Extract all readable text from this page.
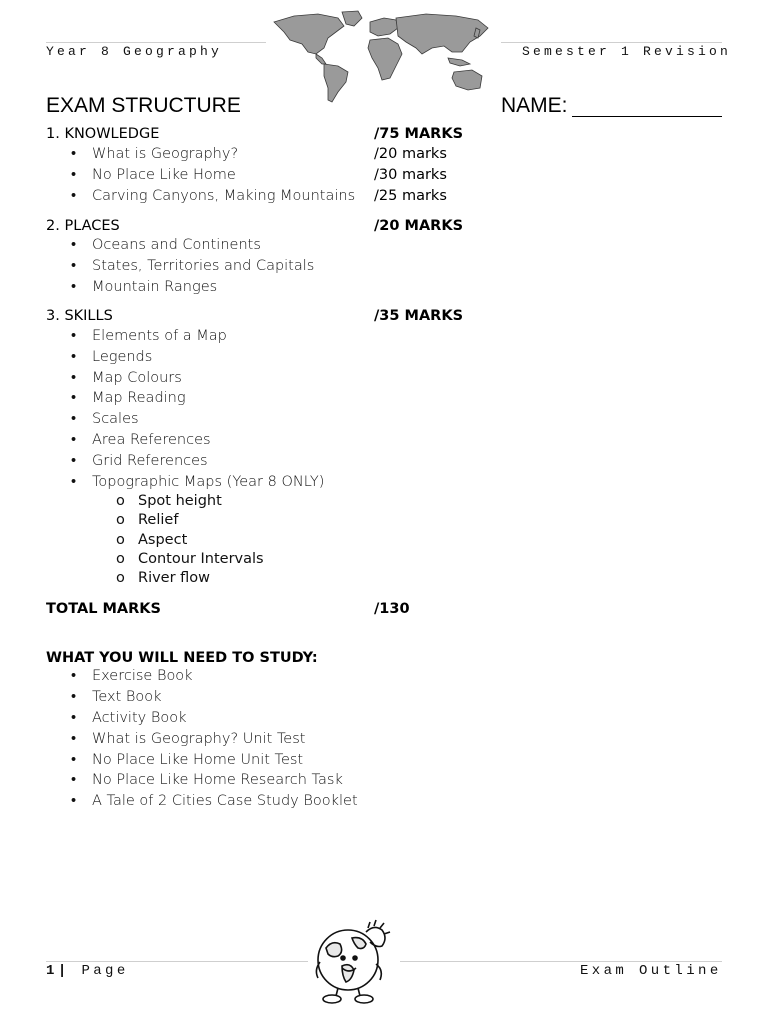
Year 8 Geography	Semester 1 Revision
EXAM STRUCTURE	NAME:
1. KNOWLEDGE	/75 MARKS
• What is Geography?	/20 marks
• No Place Like Home	/30 marks
• Carving Canyons, Making Mountains /25 marks
2. PLACES	/20 MARKS
• Oceans and Continents
• States, Territories and Capitals
• Mountain Ranges
3. SKILLS	/35 MARKS
• Elements of a Map
• Legends
• Map Colours
• Map Reading
• Scales
• Area References
• Grid References
• Topographic Maps (Year 8 ONLY)
o Spot height
o Relief
o Aspect
o Contour Intervals
o River flow
TOTAL MARKS	/130
WHAT YOU WILL NEED TO STUDY:
• Exercise Book
• Text Book
• Activity Book
• What is Geography? Unit Test
• No Place Like Home Unit Test
• No Place Like Home Research Task
• A Tale of 2 Cities Case Study Booklet
1| Page	Exam Outline
